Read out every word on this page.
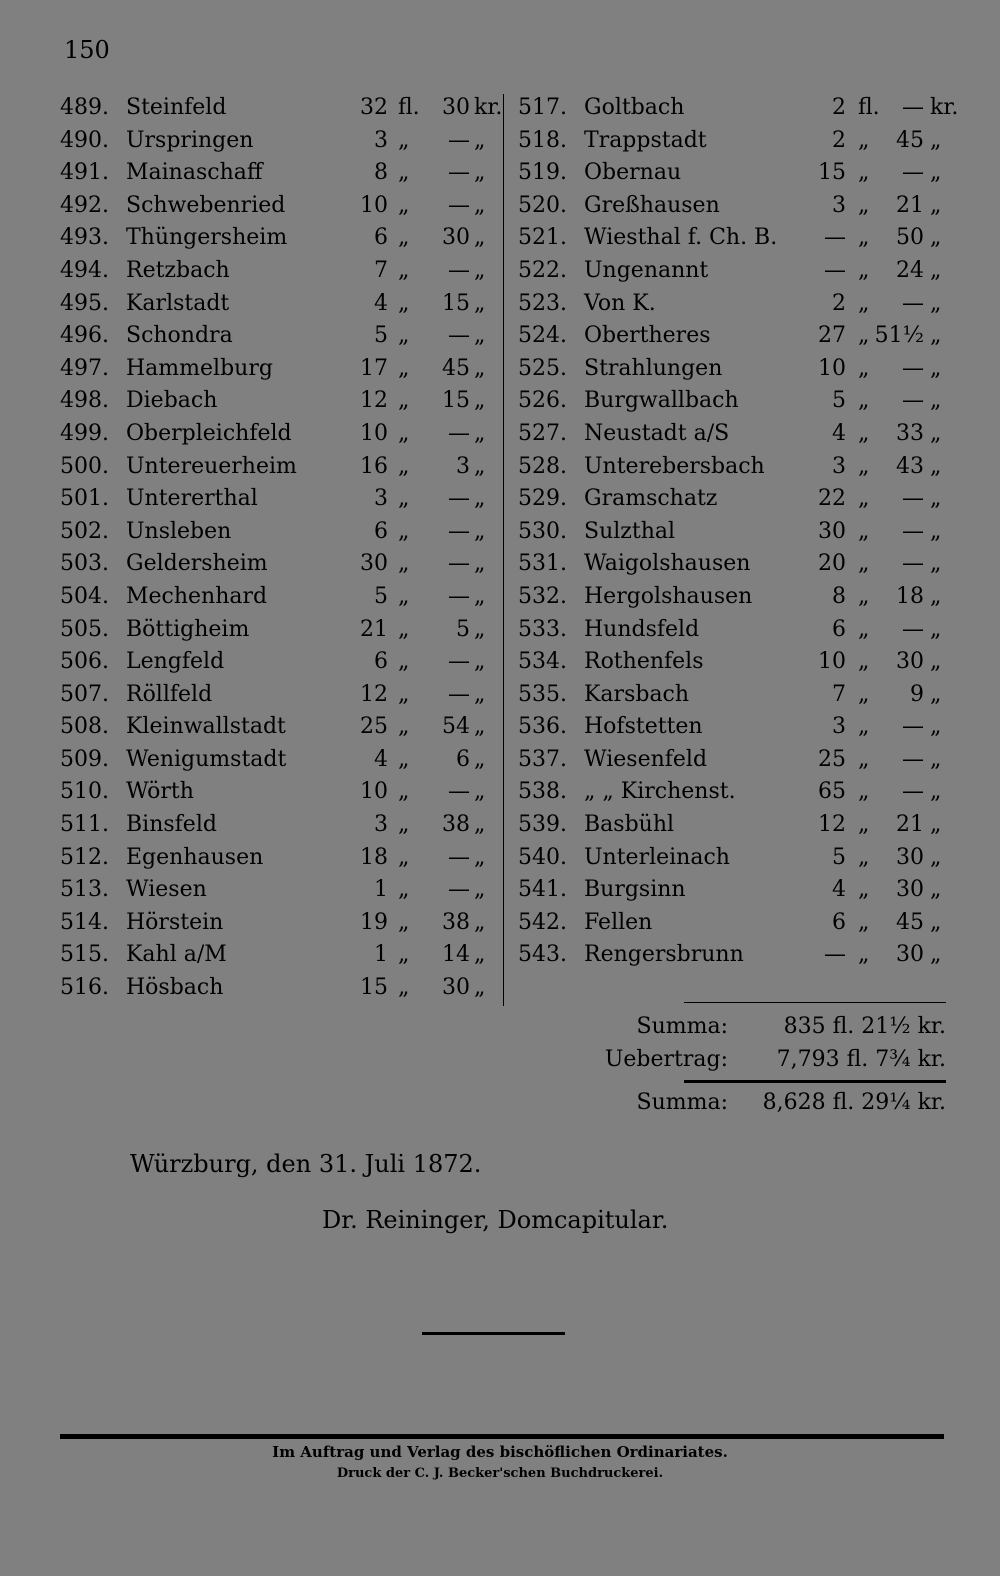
150
489. Steinfeld	32 fl.	30 kr.
490. Urspringen	3 „	— „
491. Mainaschaff	8 „	— „
492. Schwebenried	10 „	— „
493. Thüngersheim	6 „	30 „
494. Retzbach	7 „	— „
495. Karlstadt	4 „	15 „
496. Schondra	5 „	— „
497. Hammelburg	17 „	45 „
498. Diebach	12 „	15 „
499. Oberpleichfeld	10 „	— „
500. Untereuerheim	16 „	3 „
501. Untererthal	3 „	— „
502. Unsleben	6 „	— „
503. Geldersheim	30 „	— „
504. Mechenhard	5 „	— „
505. Böttigheim	21 „	5 „
506. Lengfeld	6 „	— „
507. Röllfeld	12 „	— „
508. Kleinwallstadt	25 „	54 „
509. Wenigumstadt	4 „	6 „
510. Wörth	10 „	— „
511. Binsfeld	3 „	38 „
512. Egenhausen	18 „	— „
513. Wiesen	1 „	— „
514. Hörstein	19 „	38 „
515. Kahl a/M	1 „	14 „
516. Hösbach	15 „	30 „
517. Goltbach	2 fl.	— kr.
518. Trappstadt	2 „	45 „
519. Obernau	15 „	— „
520. Greßhausen	3 „	21 „
521. Wiesthal f. Ch. B.	— „	50 „
522. Ungenannt	— „	24 „
523. Von K.	2 „	— „
524. Obertheres	27 „ 51½ „
525. Strahlungen	10 „	— „
526. Burgwallbach	5 „	— „
527. Neustadt a/S	4 „	33 „
528. Unterebersbach	3 „	43 „
529. Gramschatz	22 „	— „
530. Sulzthal	30 „	— „
531. Waigolshausen	20 „	— „
532. Hergolshausen	8 „	18 „
533. Hundsfeld	6 „	— „
534. Rothenfels	10 „	30 „
535. Karsbach	7 „	9 „
536. Hofstetten	3 „	— „
537. Wiesenfeld	25 „	— „
538. „ „ Kirchenst.	65 „	— „
539. Basbühl	12 „	21 „
540. Unterleinach	5 „	30 „
541. Burgsinn	4 „	30 „
542. Fellen	6 „	45 „
543. Rengersbrunn	— „	30 „
Summa:	835 fl. 21½ kr.
Uebertrag: 7,793 fl. 7¾ kr.
Summa: 8,628 fl. 29¼ kr.
Würzburg, den 31. Juli 1872.
Dr. Reininger, Domcapitular.
Im Auftrag und Verlag des bischöflichen Ordinariates.
Druck der C. J. Becker'schen Buchdruckerei.
